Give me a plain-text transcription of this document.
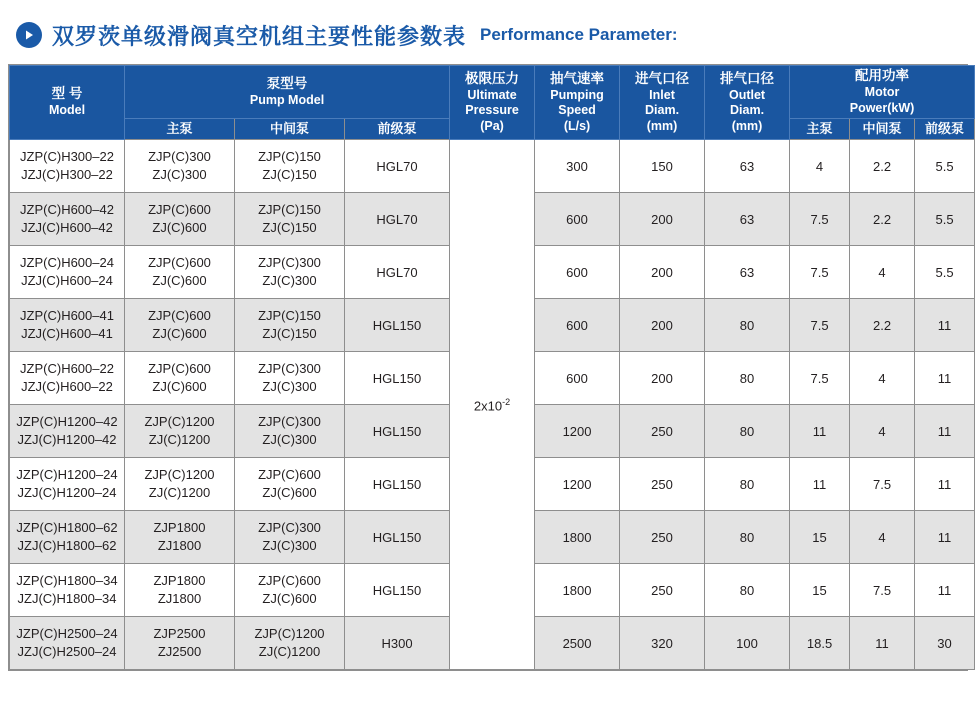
双罗茨单级滑阀真空机组主要性能参数表 Performance Parameter:
型 号
Model	泵型号
Pump Model			极限压力
Ultimate
Pressure
(Pa)	抽气速率
Pumping
Speed
(L/s)	进气口径
Inlet
Diam.
(mm)	排气口径
Outlet
Diam.
(mm)	配用功率
Motor
Power(kW)		

	主泵	中间泵	前级泵					主泵	中间泵	前级泵

JZP(C)H300–22
JZJ(C)H300–22	ZJP(C)300
ZJ(C)300	ZJP(C)150
ZJ(C)150	HGL70	$2x10^{-2}$	300	150	63	4	2.2	5.5

JZP(C)H600–42
JZJ(C)H600–42	ZJP(C)600
ZJ(C)600	ZJP(C)150
ZJ(C)150	HGL70		600	200	63	7.5	2.2	5.5

JZP(C)H600–24
JZJ(C)H600–24	ZJP(C)600
ZJ(C)600	ZJP(C)300
ZJ(C)300	HGL70		600	200	63	7.5	4	5.5

JZP(C)H600–41
JZJ(C)H600–41	ZJP(C)600
ZJ(C)600	ZJP(C)150
ZJ(C)150	HGL150		600	200	80	7.5	2.2	11

JZP(C)H600–22
JZJ(C)H600–22	ZJP(C)600
ZJ(C)600	ZJP(C)300
ZJ(C)300	HGL150		600	200	80	7.5	4	11

JZP(C)H1200–42
JZJ(C)H1200–42	ZJP(C)1200
ZJ(C)1200	ZJP(C)300
ZJ(C)300	HGL150		1200	250	80	11	4	11

JZP(C)H1200–24
JZJ(C)H1200–24	ZJP(C)1200
ZJ(C)1200	ZJP(C)600
ZJ(C)600	HGL150		1200	250	80	11	7.5	11

JZP(C)H1800–62
JZJ(C)H1800–62	ZJP1800
ZJ1800	ZJP(C)300
ZJ(C)300	HGL150		1800	250	80	15	4	11

JZP(C)H1800–34
JZJ(C)H1800–34	ZJP1800
ZJ1800	ZJP(C)600
ZJ(C)600	HGL150		1800	250	80	15	7.5	11

JZP(C)H2500–24
JZJ(C)H2500–24	ZJP2500
ZJ2500	ZJP(C)1200
ZJ(C)1200	H300		2500	320	100	18.5	11	30
